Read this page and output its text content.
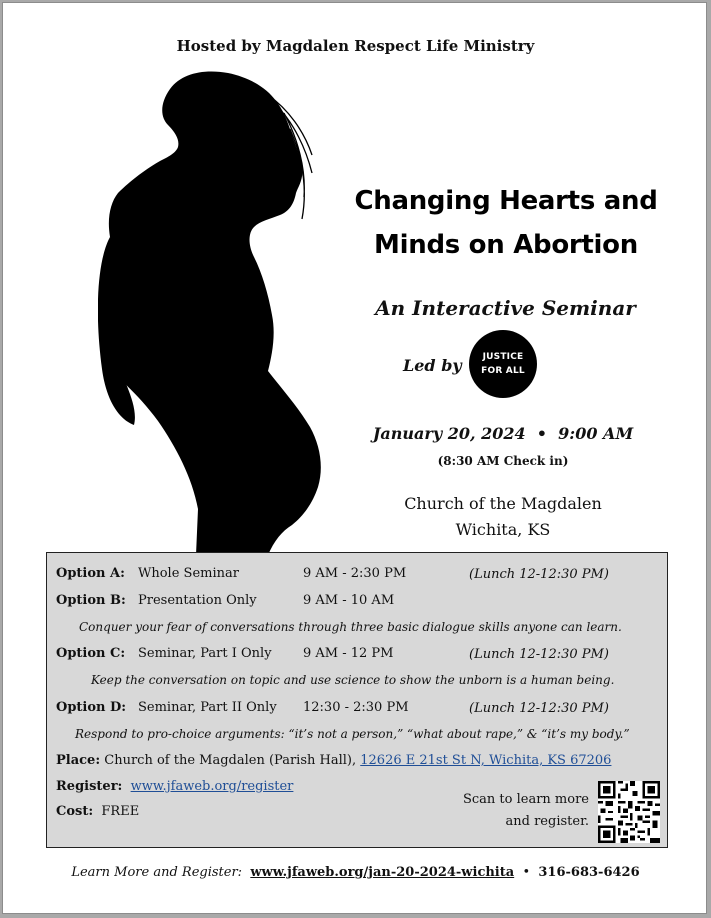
Hosted by Magdalen Respect Life Ministry
Changing Hearts and
Minds on Abortion
An Interactive Seminar
Led by JUSTICE
FOR ALL
January 20, 2024 • 9:00 AM
(8:30 AM Check in)
Church of the Magdalen
Wichita, KS
Option A: Whole Seminar	9 AM - 2:30 PM	(Lunch 12-12:30 PM)
Option B: Presentation Only	9 AM - 10 AM
Conquer your fear of conversations through three basic dialogue skills anyone can learn.
Option C: Seminar, Part I Only 9 AM - 12 PM	(Lunch 12-12:30 PM)
Keep the conversation on topic and use science to show the unborn is a human being.
Option D: Seminar, Part II Only 12:30 - 2:30 PM	(Lunch 12-12:30 PM)
Respond to pro-choice arguments: “it’s not a person,” “what about rape,” & “it’s my body.”
Place: Church of the Magdalen (Parish Hall), 12626 E 21st St N, Wichita, KS 67206
Register: www.jfaweb.org/register
Cost: FREE
Scan to learn more
and register.
Learn More and Register: www.jfaweb.org/jan-20-2024-wichita • 316-683-6426
